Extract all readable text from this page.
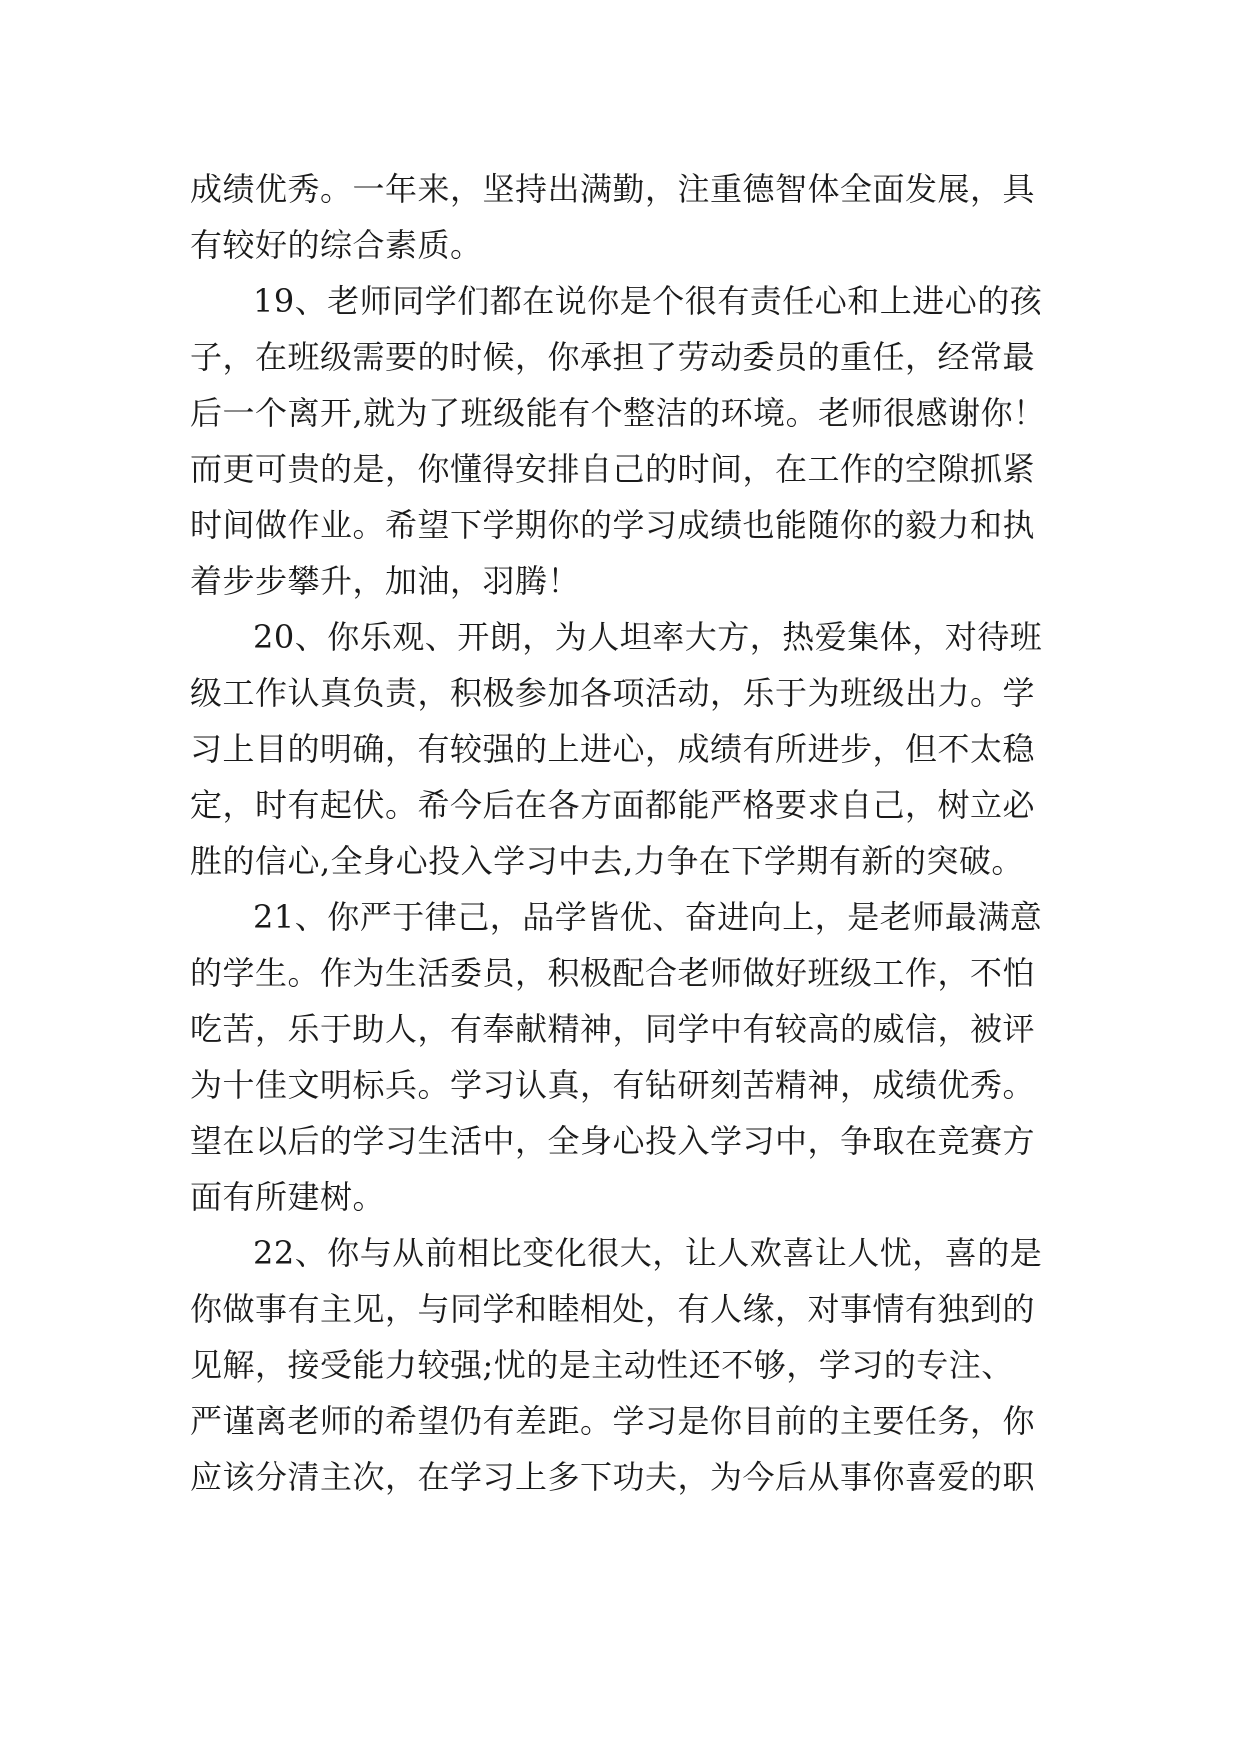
成绩优秀。一年来，坚持出满勤，注重德智体全面发展，具
有较好的综合素质。
19、老师同学们都在说你是个很有责任心和上进心的孩
子，在班级需要的时候，你承担了劳动委员的重任，经常最
后一个离开,就为了班级能有个整洁的环境。老师很感谢你！
而更可贵的是，你懂得安排自己的时间，在工作的空隙抓紧
时间做作业。希望下学期你的学习成绩也能随你的毅力和执
着步步攀升，加油，羽腾！
20、你乐观、开朗，为人坦率大方，热爱集体，对待班
级工作认真负责，积极参加各项活动，乐于为班级出力。学
习上目的明确，有较强的上进心，成绩有所进步，但不太稳
定，时有起伏。希今后在各方面都能严格要求自己，树立必
胜的信心,全身心投入学习中去,力争在下学期有新的突破。
21、你严于律己，品学皆优、奋进向上，是老师最满意
的学生。作为生活委员，积极配合老师做好班级工作，不怕
吃苦，乐于助人，有奉献精神，同学中有较高的威信，被评
为十佳文明标兵。学习认真，有钻研刻苦精神，成绩优秀。
望在以后的学习生活中，全身心投入学习中，争取在竞赛方
面有所建树。
22、你与从前相比变化很大，让人欢喜让人忧，喜的是
你做事有主见，与同学和睦相处，有人缘，对事情有独到的
见解，接受能力较强;忧的是主动性还不够，学习的专注、
严谨离老师的希望仍有差距。学习是你目前的主要任务，你
应该分清主次，在学习上多下功夫，为今后从事你喜爱的职
